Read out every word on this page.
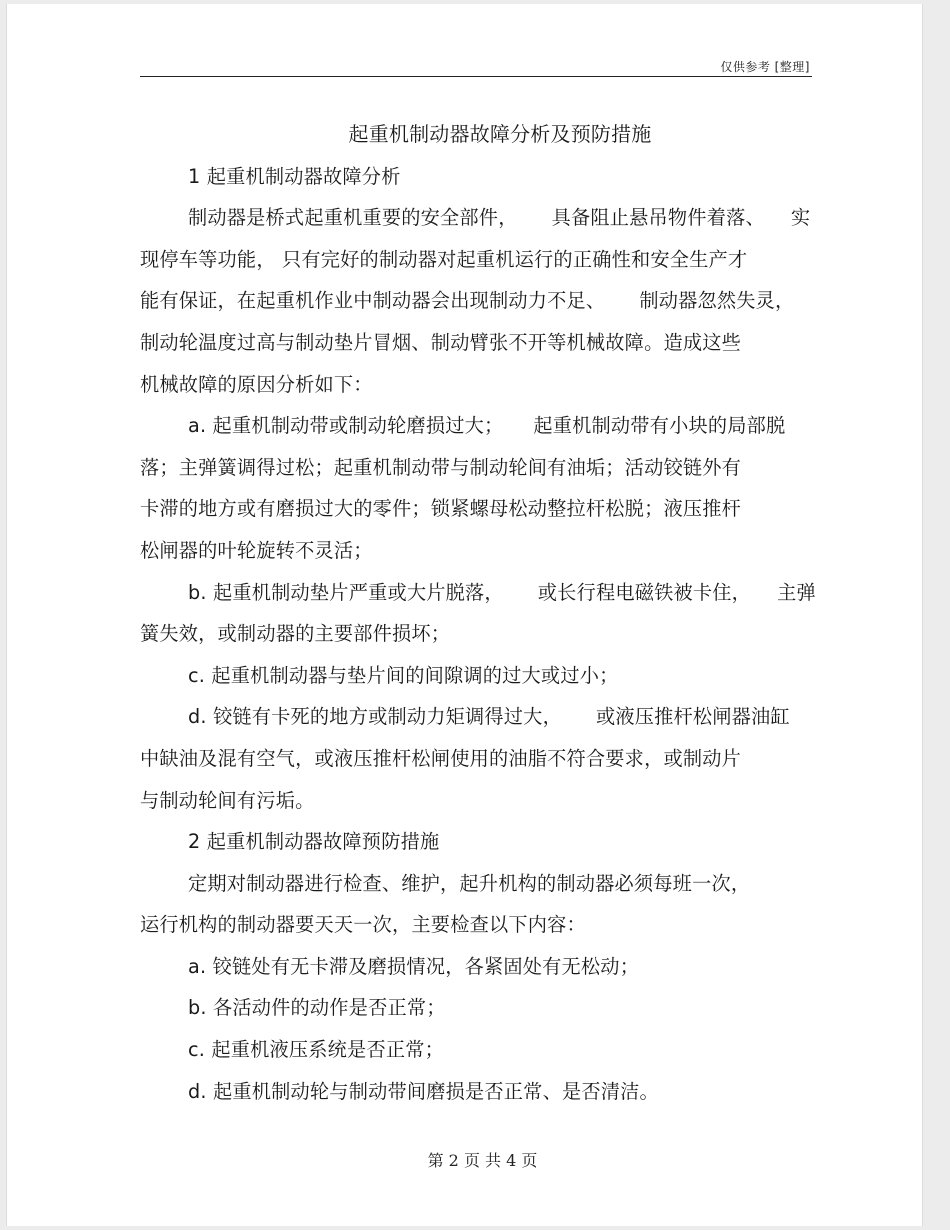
仅供参考 [整理]

起重机制动器故障分析及预防措施

1 起重机制动器故障分析

制动器是桥式起重机重要的安全部件， 具备阻止悬吊物件着落、 实

现停车等功能， 只有完好的制动器对起重机运行的正确性和安全生产才

能有保证，在起重机作业中制动器会出现制动力不足、 制动器忽然失灵，

制动轮温度过高与制动垫片冒烟、制动臂张不开等机械故障。造成这些

机械故障的原因分析如下：

a. 起重机制动带或制动轮磨损过大； 起重机制动带有小块的局部脱

落；主弹簧调得过松；起重机制动带与制动轮间有油垢；活动铰链外有

卡滞的地方或有磨损过大的零件；锁紧螺母松动整拉杆松脱；液压推杆

松闸器的叶轮旋转不灵活；

b. 起重机制动垫片严重或大片脱落， 或长行程电磁铁被卡住， 主弹

簧失效，或制动器的主要部件损坏；

c. 起重机制动器与垫片间的间隙调的过大或过小；

d. 铰链有卡死的地方或制动力矩调得过大， 或液压推杆松闸器油缸

中缺油及混有空气，或液压推杆松闸使用的油脂不符合要求，或制动片

与制动轮间有污垢。

2 起重机制动器故障预防措施

定期对制动器进行检查、维护，起升机构的制动器必须每班一次，

运行机构的制动器要天天一次，主要检查以下内容：

a. 铰链处有无卡滞及磨损情况，各紧固处有无松动；

b. 各活动件的动作是否正常；

c. 起重机液压系统是否正常；

d. 起重机制动轮与制动带间磨损是否正常、是否清洁。

第 2 页 共 4 页
